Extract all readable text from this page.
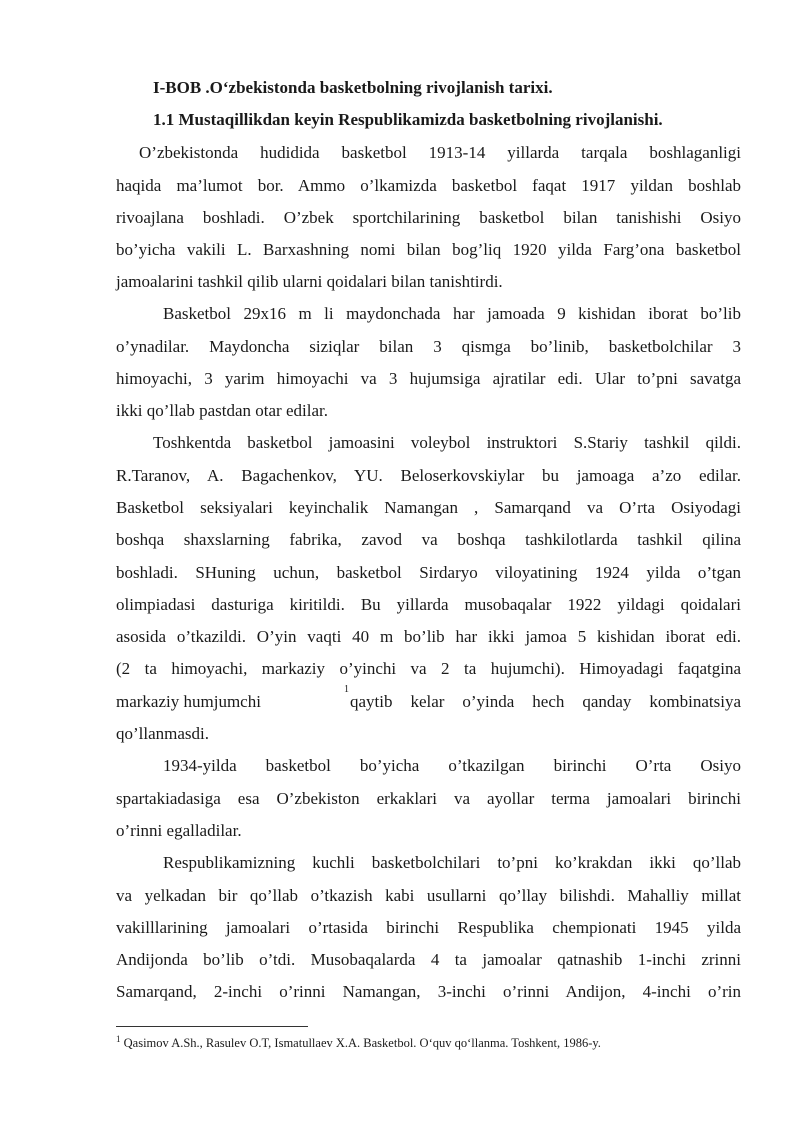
I-BOB .O‘zbekistonda basketbolning rivojlanish tarixi.
1.1 Mustaqillikdan keyin Respublikamizda basketbolning rivojlanishi.
O’zbekistonda hudidida basketbol 1913-14 yillarda tarqala boshlaganligi
haqida ma’lumot bor. Ammo o’lkamizda basketbol faqat 1917 yildan boshlab
rivoajlana boshladi. O’zbek sportchilarining basketbol bilan tanishishi Osiyo
bo’yicha vakili L. Barxashning nomi bilan bog’liq 1920 yilda Farg’ona basketbol
jamoalarini tashkil qilib ularni qoidalari bilan tanishtirdi.
Basketbol 29x16 m li maydonchada har jamoada 9 kishidan iborat bo’lib
o’ynadilar. Maydoncha siziqlar bilan 3 qismga bo’linib, basketbolchilar 3
himoyachi, 3 yarim himoyachi va 3 hujumsiga ajratilar edi. Ular to’pni savatga
ikki qo’llab pastdan otar edilar.
Toshkentda basketbol jamoasini voleybol instruktori S.Stariy tashkil qildi.
R.Taranov, A. Bagachenkov, YU. Beloserkovskiylar bu jamoaga a’zo edilar.
Basketbol seksiyalari keyinchalik Namangan , Samarqand va O’rta Osiyodagi
boshqa shaxslarning fabrika, zavod va boshqa tashkilotlarda tashkil qilina
boshladi. SHuning uchun, basketbol Sirdaryo viloyatining 1924 yilda o’tgan
olimpiadasi dasturiga kiritildi. Bu yillarda musobaqalar 1922 yildagi qoidalari
asosida o’tkazildi. O’yin vaqti 40 m bo’lib har ikki jamoa 5 kishidan iborat edi.
(2 ta himoyachi, markaziy o’yinchi va 2 ta hujumchi). Himoyadagi faqatgina
markaziy humjumchi
1
qaytib kelar o’yinda hech qanday kombinatsiya
qo’llanmasdi.
1934-yilda basketbol bo’yicha o’tkazilgan birinchi O’rta Osiyo
spartakiadasiga esa O’zbekiston erkaklari va ayollar terma jamoalari birinchi
o’rinni egalladilar.
Respublikamizning kuchli basketbolchilari to’pni ko’krakdan ikki qo’llab
va yelkadan bir qo’llab o’tkazish kabi usullarni qo’llay bilishdi. Mahalliy millat
vakilllarining jamoalari o’rtasida birinchi Respublika chempionati 1945 yilda
Andijonda bo’lib o’tdi. Musobaqalarda 4 ta jamoalar qatnashib 1-inchi zrinni
Samarqand, 2-inchi o’rinni Namangan, 3-inchi o’rinni Andijon, 4-inchi o’rin
$^1$ Qasimov A.Sh., Rasulev O.T, Ismatullaev X.A. Basketbol. O‘quv qo‘llanma. Toshkent, 1986-y.
